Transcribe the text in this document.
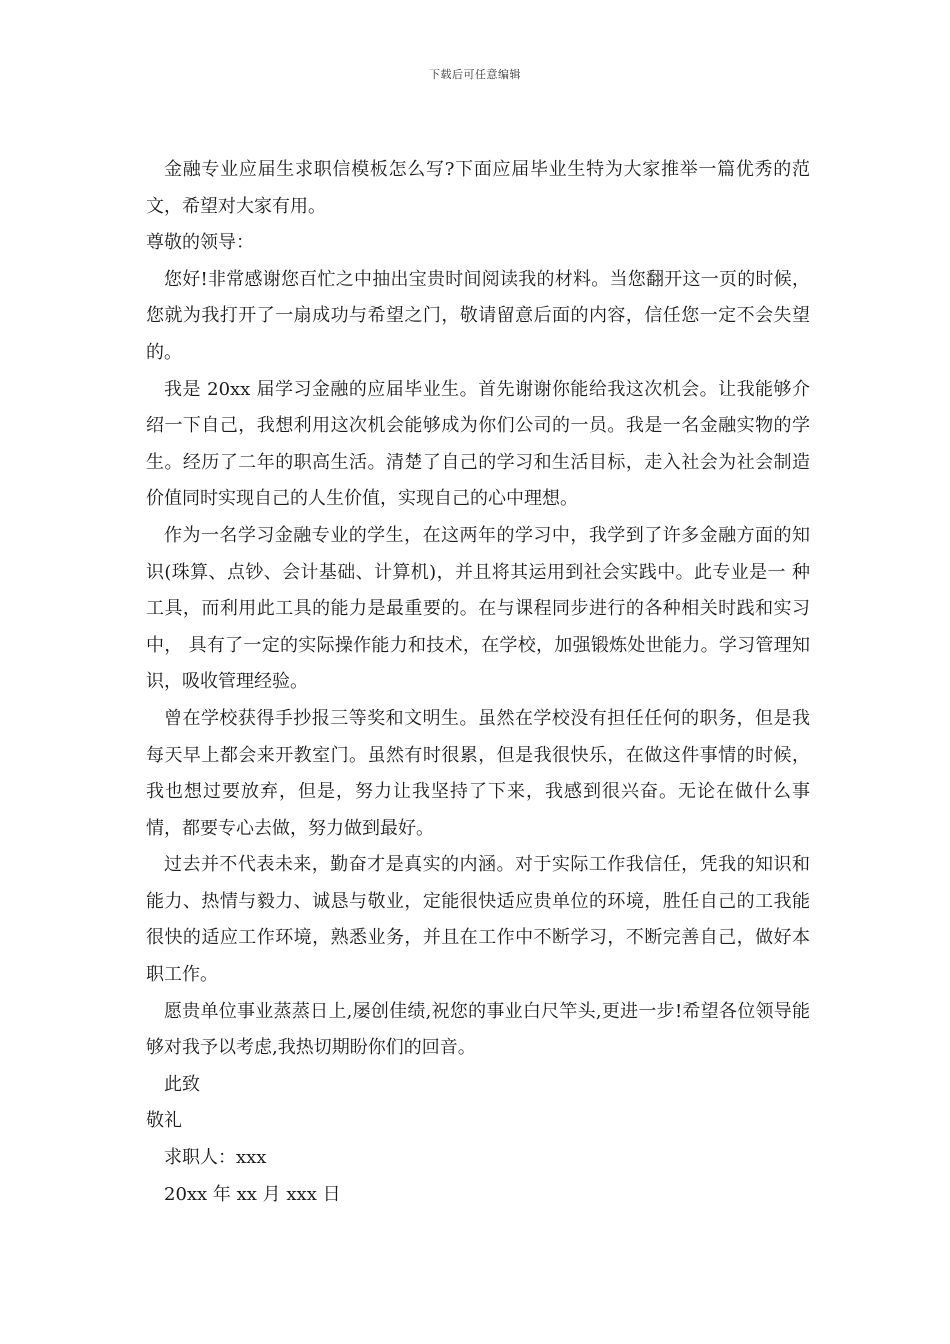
下载后可任意编辑

金融专业应届生求职信模板怎么写?下面应届毕业生特为大家推举一篇优秀的范文，希望对大家有用。

尊敬的领导：

您好!非常感谢您百忙之中抽出宝贵时间阅读我的材料。当您翻开这一页的时候，您就为我打开了一扇成功与希望之门，敬请留意后面的内容，信任您一定不会失望的。

我是 20xx 届学习金融的应届毕业生。首先谢谢你能给我这次机会。让我能够介绍一下自己，我想利用这次机会能够成为你们公司的一员。我是一名金融实物的学生。经历了二年的职高生活。清楚了自己的学习和生活目标，走入社会为社会制造价值同时实现自己的人生价值，实现自己的心中理想。

作为一名学习金融专业的学生，在这两年的学习中，我学到了许多金融方面的知识(珠算、点钞、会计基础、计算机)，并且将其运用到社会实践中。此专业是一 种工具，而利用此工具的能力是最重要的。在与课程同步进行的各种相关时践和实习中， 具有了一定的实际操作能力和技术，在学校，加强锻炼处世能力。学习管理知识，吸收管理经验。

曾在学校获得手抄报三等奖和文明生。虽然在学校没有担任任何的职务，但是我每天早上都会来开教室门。虽然有时很累，但是我很快乐，在做这件事情的时候，我也想过要放弃，但是，努力让我坚持了下来，我感到很兴奋。无论在做什么事情，都要专心去做，努力做到最好。

过去并不代表未来，勤奋才是真实的内涵。对于实际工作我信任，凭我的知识和能力、热情与毅力、诚恳与敬业，定能很快适应贵单位的环境，胜任自己的工我能很快的适应工作环境，熟悉业务，并且在工作中不断学习，不断完善自己，做好本职工作。

愿贵单位事业蒸蒸日上,屡创佳绩,祝您的事业白尺竿头,更进一步!希望各位领导能够对我予以考虑,我热切期盼你们的回音。

此致

敬礼

求职人：xxx

20xx 年 xx 月 xxx 日
